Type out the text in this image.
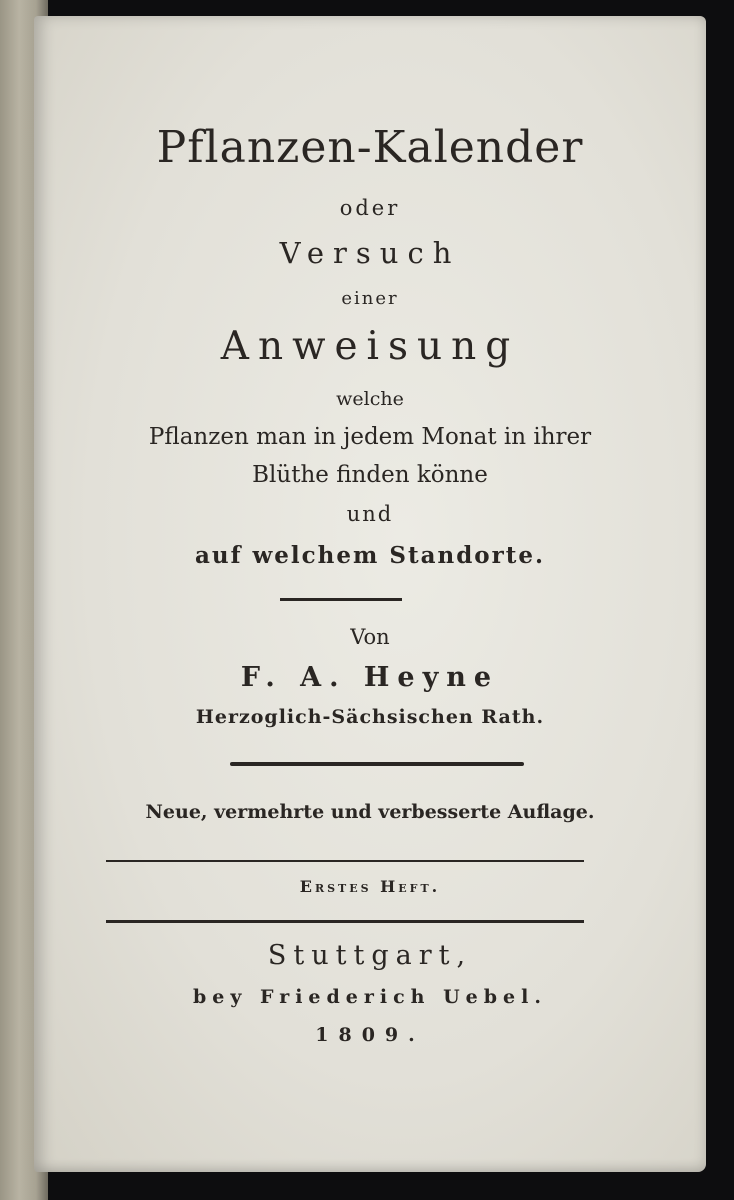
Pflanzen-Kalender
oder
Versuch
einer
Anweisung
welche
Pflanzen man in jedem Monat in ihrer
Blüthe finden könne
und
auf welchem Standorte.
Von
F. A. Heyne
Herzoglich-Sächsischen Rath.
Neue, vermehrte und verbesserte Auflage.
Erstes Heft.
Stuttgart,
bey Friederich Uebel.
1809.
